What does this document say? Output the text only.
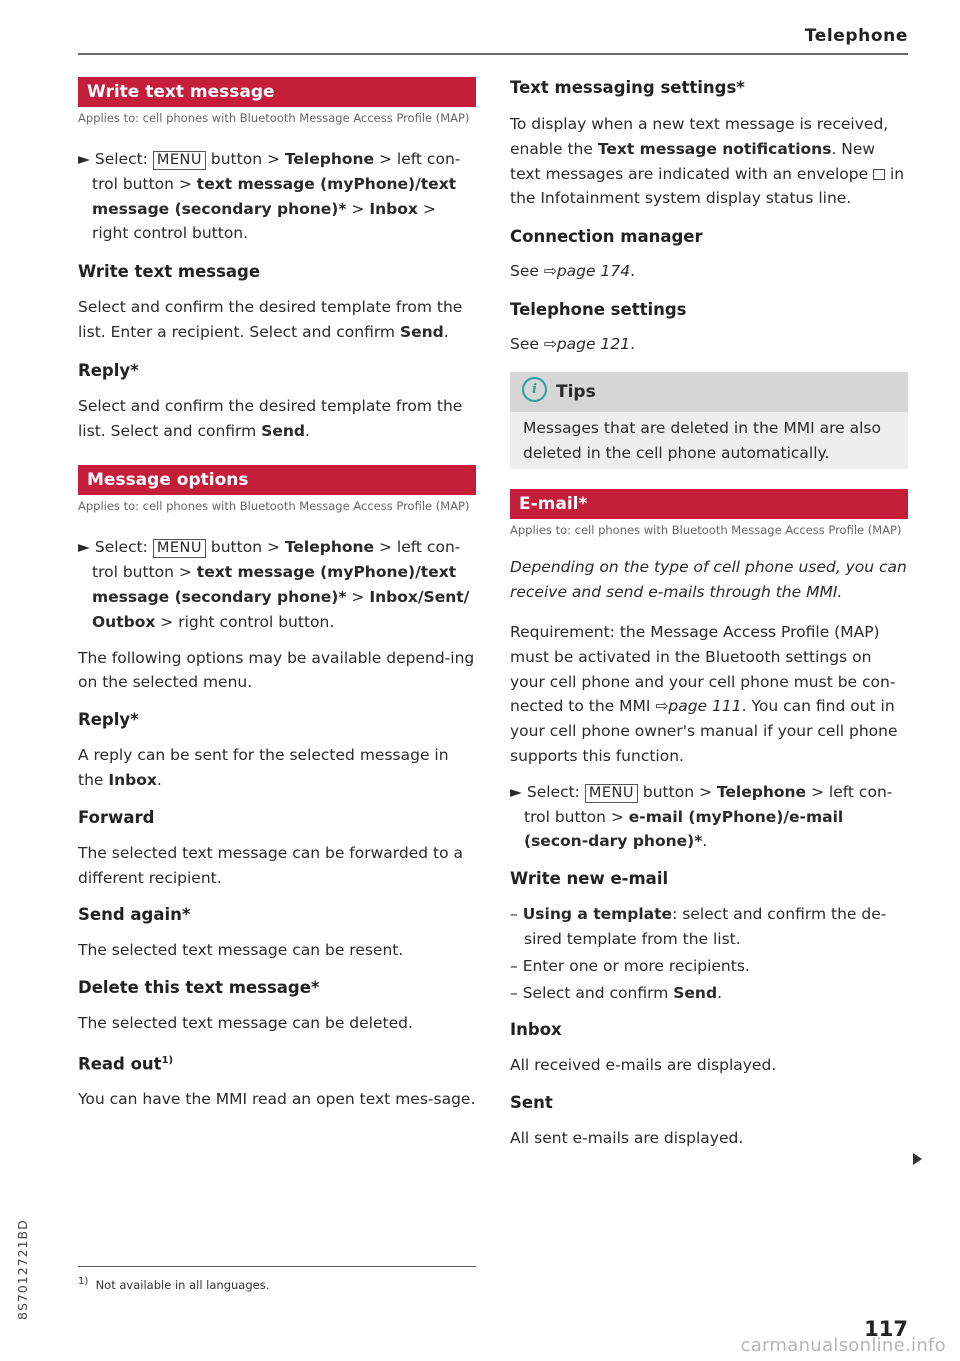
Telephone
Write text message
Applies to: cell phones with Bluetooth Message Access Profile (MAP)

► Select: MENU button > Telephone > left con-trol button > text message (myPhone)/text message (secondary phone)* > Inbox > right control button.

Write text message

Select and confirm the desired template from the list. Enter a recipient. Select and confirm Send.

Reply*

Select and confirm the desired template from the list. Select and confirm Send.

Message options
Applies to: cell phones with Bluetooth Message Access Profile (MAP)

► Select: MENU button > Telephone > left con-trol button > text message (myPhone)/text message (secondary phone)* > Inbox/Sent/ Outbox > right control button.

The following options may be available depend-ing on the selected menu.

Reply*

A reply can be sent for the selected message in the Inbox.

Forward

The selected text message can be forwarded to a different recipient.

Send again*

The selected text message can be resent.

Delete this text message*

The selected text message can be deleted.

Read out$^{1)}$

You can have the MMI read an open text mes-sage.

$^{1)}$ Not available in all languages.
Text messaging settings*

To display when a new text message is received, enable the Text message notifications. New text messages are indicated with an envelope  in the Infotainment system display status line.

Connection manager

See ⇨page 174.

Telephone settings

See ⇨page 121.

i Tips

Messages that are deleted in the MMI are also deleted in the cell phone automatically.

E-mail*
Applies to: cell phones with Bluetooth Message Access Profile (MAP)

Depending on the type of cell phone used, you can receive and send e-mails through the MMI.

Requirement: the Message Access Profile (MAP) must be activated in the Bluetooth settings on your cell phone and your cell phone must be con-nected to the MMI ⇨page 111. You can find out in your cell phone owner's manual if your cell phone supports this function.

► Select: MENU button > Telephone > left con-trol button > e-mail (myPhone)/e-mail (secon-dary phone)*.

Write new e-mail

– Using a template: select and confirm the de-sired template from the list.

– Enter one or more recipients.

– Select and confirm Send.

Inbox

All received e-mails are displayed.

Sent

All sent e-mails are displayed.

8S7012721BD
117
carmanualsonline.info
